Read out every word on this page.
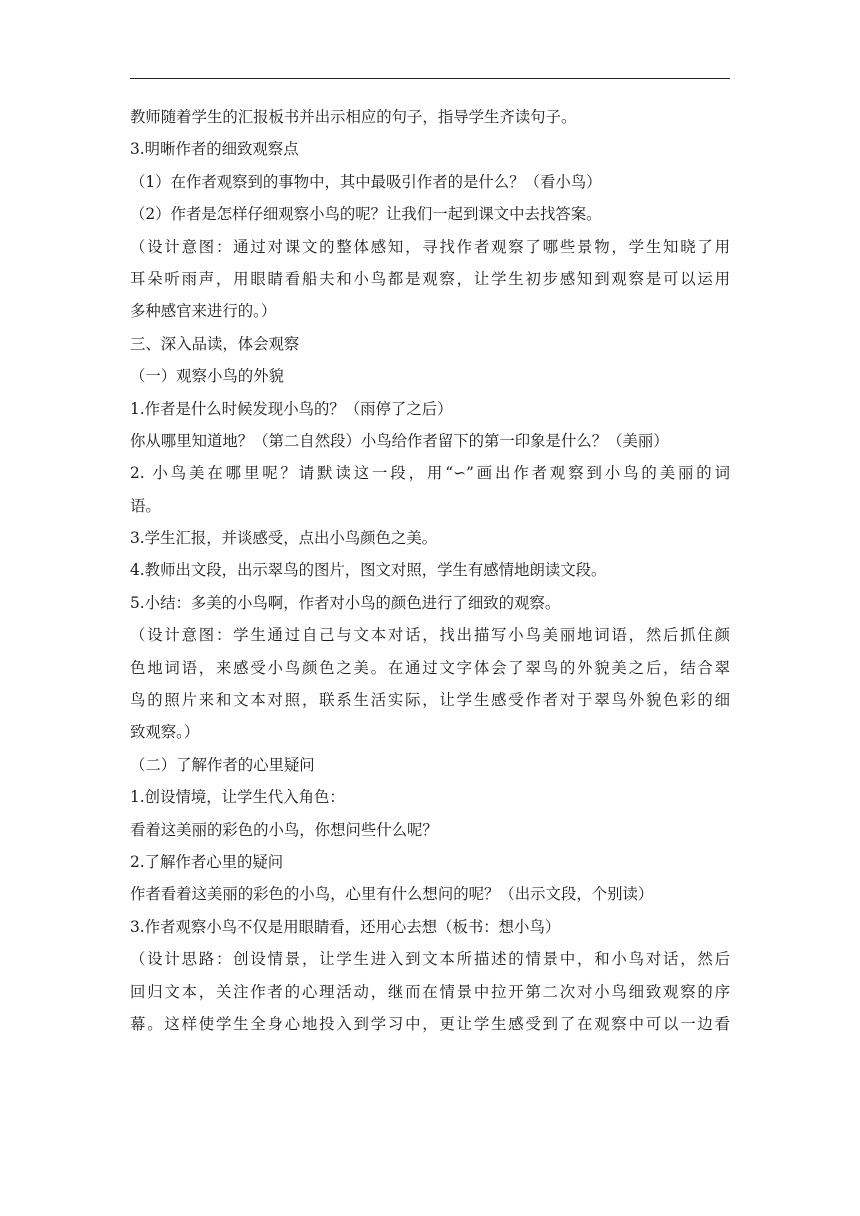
教师随着学生的汇报板书并出示相应的句子，指导学生齐读句子。
3.明晰作者的细致观察点
（1）在作者观察到的事物中，其中最吸引作者的是什么？（看小鸟）
（2）作者是怎样仔细观察小鸟的呢？让我们一起到课文中去找答案。
（设计意图：通过对课文的整体感知，寻找作者观察了哪些景物，学生知晓了用
耳朵听雨声，用眼睛看船夫和小鸟都是观察，让学生初步感知到观察是可以运用
多种感官来进行的。）
三、深入品读，体会观察
（一）观察小鸟的外貌
1.作者是什么时候发现小鸟的？（雨停了之后）
你从哪里知道地？（第二自然段）小鸟给作者留下的第一印象是什么？（美丽）
2. 小鸟美在哪里呢？请默读这一段，用“∽”画出作者观察到小鸟的美丽的词
语。
3.学生汇报，并谈感受，点出小鸟颜色之美。
4.教师出文段，出示翠鸟的图片，图文对照，学生有感情地朗读文段。
5.小结：多美的小鸟啊，作者对小鸟的颜色进行了细致的观察。
（设计意图：学生通过自己与文本对话，找出描写小鸟美丽地词语，然后抓住颜
色地词语，来感受小鸟颜色之美。在通过文字体会了翠鸟的外貌美之后，结合翠
鸟的照片来和文本对照，联系生活实际，让学生感受作者对于翠鸟外貌色彩的细
致观察。）
（二）了解作者的心里疑问
1.创设情境，让学生代入角色：
看着这美丽的彩色的小鸟，你想问些什么呢？
2.了解作者心里的疑问
作者看着这美丽的彩色的小鸟，心里有什么想问的呢？（出示文段，个别读）
3.作者观察小鸟不仅是用眼睛看，还用心去想（板书：想小鸟）
（设计思路：创设情景，让学生进入到文本所描述的情景中，和小鸟对话，然后
回归文本，关注作者的心理活动，继而在情景中拉开第二次对小鸟细致观察的序
幕。这样使学生全身心地投入到学习中，更让学生感受到了在观察中可以一边看
